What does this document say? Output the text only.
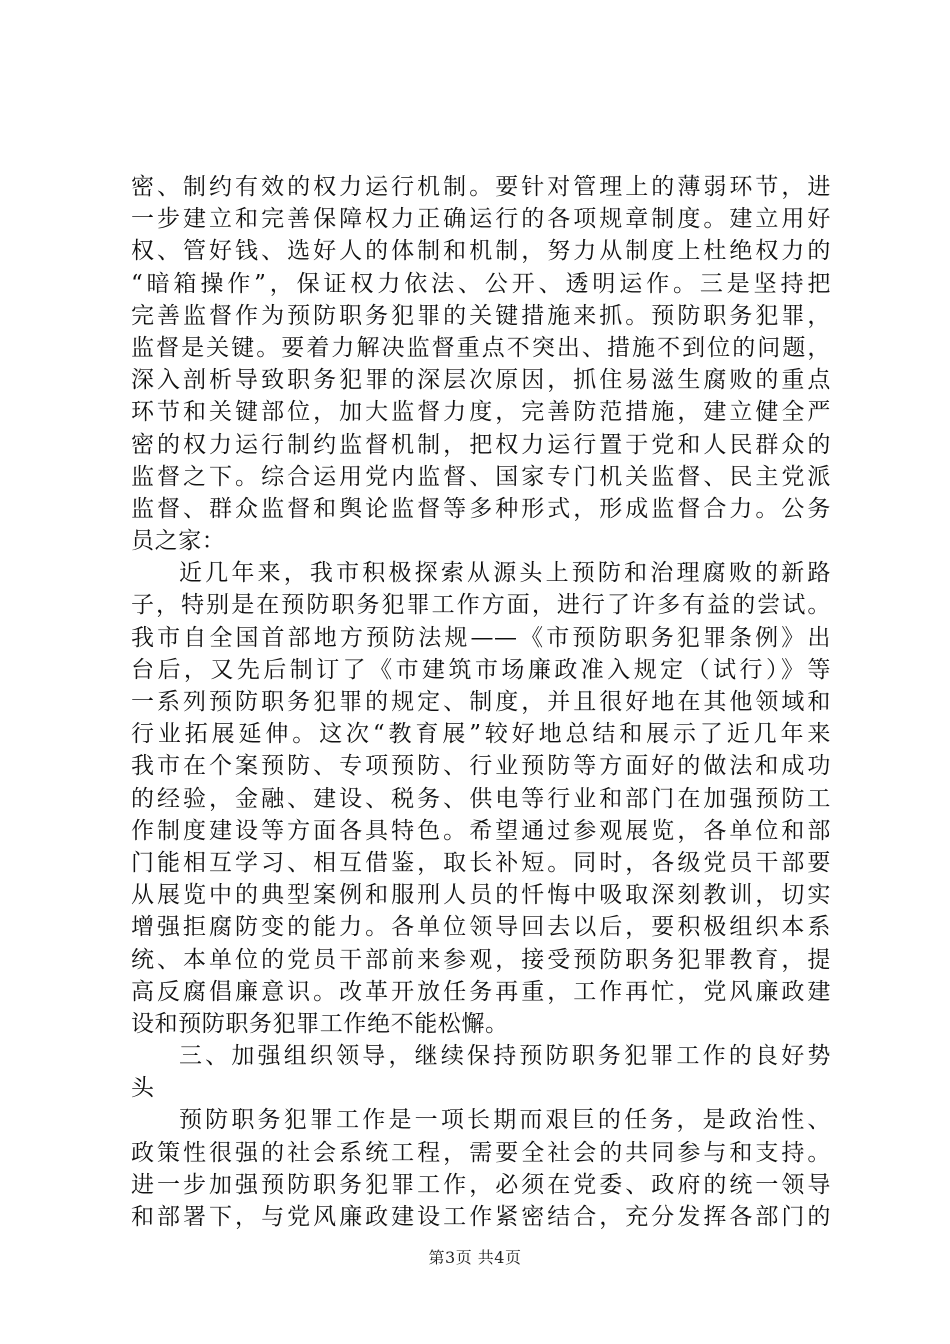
密、制约有效的权力运行机制。要针对管理上的薄弱环节，进
一步建立和完善保障权力正确运行的各项规章制度。建立用好
权、管好钱、选好人的体制和机制，努力从制度上杜绝权力的
“暗箱操作”，保证权力依法、公开、透明运作。三是坚持把
完善监督作为预防职务犯罪的关键措施来抓。预防职务犯罪，
监督是关键。要着力解决监督重点不突出、措施不到位的问题，
深入剖析导致职务犯罪的深层次原因，抓住易滋生腐败的重点
环节和关键部位，加大监督力度，完善防范措施，建立健全严
密的权力运行制约监督机制，把权力运行置于党和人民群众的
监督之下。综合运用党内监督、国家专门机关监督、民主党派
监督、群众监督和舆论监督等多种形式，形成监督合力。公务
员之家：
近几年来，我市积极探索从源头上预防和治理腐败的新路
子，特别是在预防职务犯罪工作方面，进行了许多有益的尝试。
我市自全国首部地方预防法规——《市预防职务犯罪条例》出
台后，又先后制订了《市建筑市场廉政准入规定（试行）》等
一系列预防职务犯罪的规定、制度，并且很好地在其他领域和
行业拓展延伸。这次“教育展”较好地总结和展示了近几年来
我市在个案预防、专项预防、行业预防等方面好的做法和成功
的经验，金融、建设、税务、供电等行业和部门在加强预防工
作制度建设等方面各具特色。希望通过参观展览，各单位和部
门能相互学习、相互借鉴，取长补短。同时，各级党员干部要
从展览中的典型案例和服刑人员的忏悔中吸取深刻教训，切实
增强拒腐防变的能力。各单位领导回去以后，要积极组织本系
统、本单位的党员干部前来参观，接受预防职务犯罪教育，提
高反腐倡廉意识。改革开放任务再重，工作再忙，党风廉政建
设和预防职务犯罪工作绝不能松懈。
三、加强组织领导，继续保持预防职务犯罪工作的良好势
头
预防职务犯罪工作是一项长期而艰巨的任务，是政治性、
政策性很强的社会系统工程，需要全社会的共同参与和支持。
进一步加强预防职务犯罪工作，必须在党委、政府的统一领导
和部署下，与党风廉政建设工作紧密结合，充分发挥各部门的
第3页 共4页
